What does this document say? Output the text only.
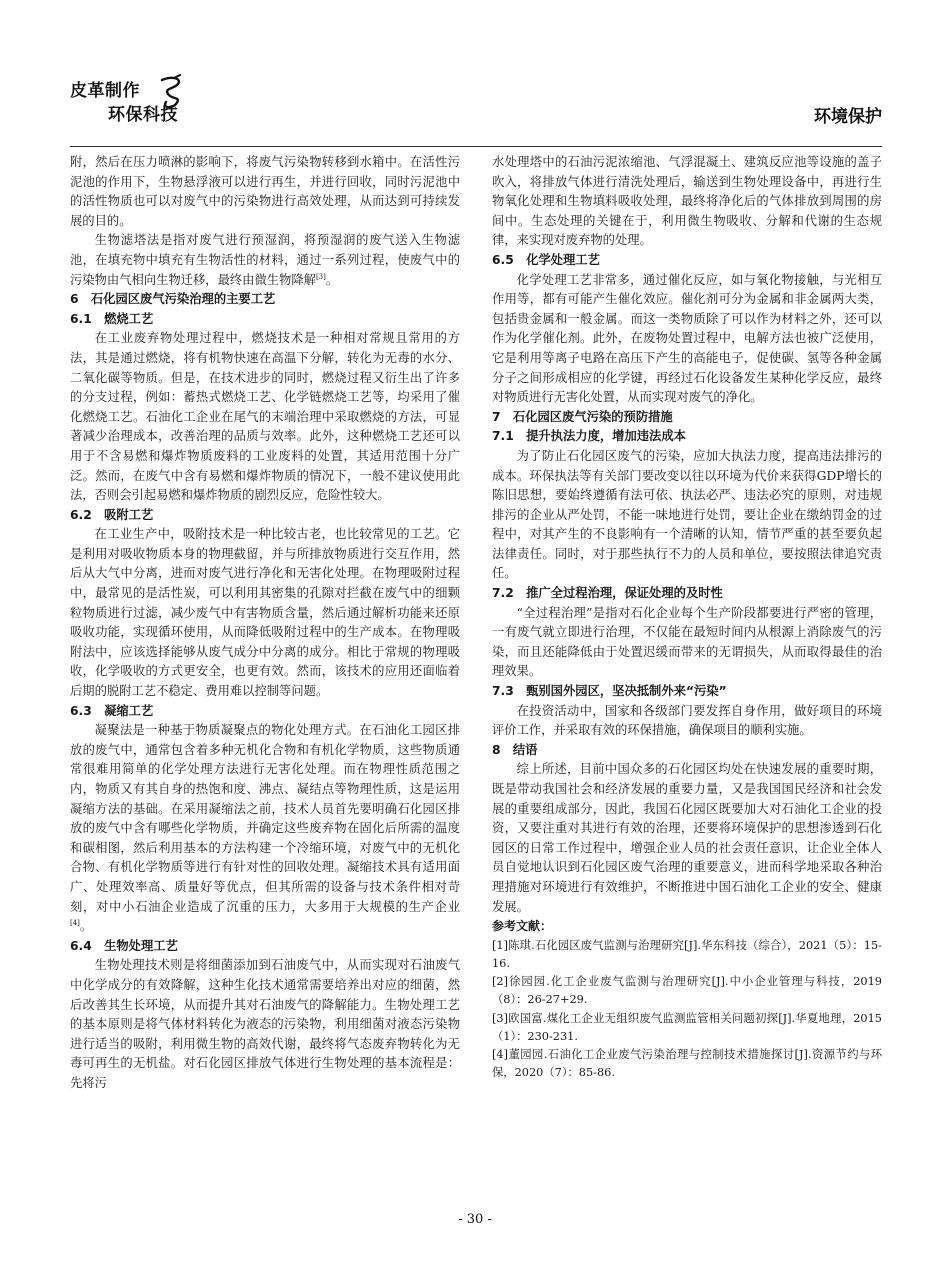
皮革制作
环保科技	环境保护

附，然后在压力喷淋的影响下，将废气污染物转移到水箱中。在活性污泥池的作用下，生物悬浮液可以进行再生，并进行回收，同时污泥池中的活性物质也可以对废气中的污染物进行高效处理，从而达到可持续发展的目的。

生物滤塔法是指对废气进行预湿润，将预湿润的废气送入生物滤池，在填充物中填充有生物活性的材料，通过一系列过程，使废气中的污染物由气相向生物迁移，最终由微生物降解[3]。

6　石化园区废气污染治理的主要工艺

6.1　燃烧工艺

在工业废弃物处理过程中，燃烧技术是一种相对常规且常用的方法，其是通过燃烧，将有机物快速在高温下分解，转化为无毒的水分、二氧化碳等物质。但是，在技术进步的同时，燃烧过程又衍生出了许多的分支过程，例如：蓄热式燃烧工艺、化学链燃烧工艺等，均采用了催化燃烧工艺。石油化工企业在尾气的末端治理中采取燃烧的方法，可显著减少治理成本，改善治理的品质与效率。此外，这种燃烧工艺还可以用于不含易燃和爆炸物质废料的工业废料的处置，其适用范围十分广泛。然而，在废气中含有易燃和爆炸物质的情况下，一般不建议使用此法，否则会引起易燃和爆炸物质的剧烈反应，危险性较大。

6.2　吸附工艺

在工业生产中，吸附技术是一种比较古老，也比较常见的工艺。它是利用对吸收物质本身的物理截留，并与所排放物质进行交互作用，然后从大气中分离，进而对废气进行净化和无害化处理。在物理吸附过程中，最常见的是活性炭，可以利用其密集的孔隙对拦截在废气中的细颗粒物质进行过滤，减少废气中有害物质含量，然后通过解析功能来还原吸收功能，实现循环使用，从而降低吸附过程中的生产成本。在物理吸附法中，应该选择能够从废气成分中分离的成分。相比于常规的物理吸收，化学吸收的方式更安全，也更有效。然而，该技术的应用还面临着后期的脱附工艺不稳定、费用难以控制等问题。

6.3　凝缩工艺

凝聚法是一种基于物质凝聚点的物化处理方式。在石油化工园区排放的废气中，通常包含着多种无机化合物和有机化学物质，这些物质通常很难用简单的化学处理方法进行无害化处理。而在物理性质范围之内，物质又有其自身的热饱和度、沸点、凝结点等物理性质，这是运用凝缩方法的基础。在采用凝缩法之前，技术人员首先要明确石化园区排放的废气中含有哪些化学物质，并确定这些废弃物在固化后所需的温度和碳相图，然后利用基本的方法构建一个冷缩环境，对废气中的无机化合物、有机化学物质等进行有针对性的回收处理。凝缩技术具有适用面广、处理效率高、质量好等优点，但其所需的设备与技术条件相对苛刻，对中小石油企业造成了沉重的压力，大多用于大规模的生产企业[4]。

6.4　生物处理工艺

生物处理技术则是将细菌添加到石油废气中，从而实现对石油废气中化学成分的有效降解，这种生化技术通常需要培养出对应的细菌，然后改善其生长环境，从而提升其对石油废气的降解能力。生物处理工艺的基本原则是将气体材料转化为液态的污染物，利用细菌对液态污染物进行适当的吸附，利用微生物的高效代谢，最终将气态废弃物转化为无毒可再生的无机盐。对石化园区排放气体进行生物处理的基本流程是：先将污

水处理塔中的石油污泥浓缩池、气浮混凝土、建筑反应池等设施的盖子吹入，将排放气体进行清洗处理后，输送到生物处理设备中，再进行生物氧化处理和生物填料吸收处理，最终将净化后的气体排放到周围的房间中。生态处理的关键在于，利用微生物吸收、分解和代谢的生态规律，来实现对废弃物的处理。

6.5　化学处理工艺

化学处理工艺非常多，通过催化反应，如与氧化物接触，与光相互作用等，都有可能产生催化效应。催化剂可分为金属和非金属两大类，包括贵金属和一般金属。而这一类物质除了可以作为材料之外，还可以作为化学催化剂。此外，在废物处置过程中，电解方法也被广泛使用，它是利用等离子电路在高压下产生的高能电子，促使碳、氢等各种金属分子之间形成相应的化学键，再经过石化设备发生某种化学反应，最终对物质进行无害化处置，从而实现对废气的净化。

7　石化园区废气污染的预防措施

7.1　提升执法力度，增加违法成本

为了防止石化园区废气的污染，应加大执法力度，提高违法排污的成本。环保执法等有关部门要改变以往以环境为代价来获得GDP增长的陈旧思想，要始终遵循有法可依、执法必严、违法必究的原则，对违规排污的企业从严处罚，不能一味地进行处罚，要让企业在缴纳罚金的过程中，对其产生的不良影响有一个清晰的认知，情节严重的甚至要负起法律责任。同时，对于那些执行不力的人员和单位，要按照法律追究责任。

7.2　推广全过程治理，保证处理的及时性

“全过程治理”是指对石化企业每个生产阶段都要进行严密的管理，一有废气就立即进行治理，不仅能在最短时间内从根源上消除废气的污染，而且还能降低由于处置迟缓而带来的无谓损失，从而取得最佳的治理效果。

7.3　甄别国外园区，坚决抵制外来“污染”

在投资活动中，国家和各级部门要发挥自身作用，做好项目的环境评价工作，并采取有效的环保措施，确保项目的顺利实施。

8　结语

综上所述，目前中国众多的石化园区均处在快速发展的重要时期，既是带动我国社会和经济发展的重要力量，又是我国国民经济和社会发展的重要组成部分，因此，我国石化园区既要加大对石油化工企业的投资，又要注重对其进行有效的治理，还要将环境保护的思想渗透到石化园区的日常工作过程中，增强企业人员的社会责任意识，让企业全体人员自觉地认识到石化园区废气治理的重要意义，进而科学地采取各种治理措施对环境进行有效维护，不断推进中国石油化工企业的安全、健康发展。

参考文献：

[1]陈琪.石化园区废气监测与治理研究[J].华东科技（综合），2021（5）：15-16.

[2]徐园园.化工企业废气监测与治理研究[J].中小企业管理与科技，2019（8）：26-27+29.

[3]欧国富.煤化工企业无组织废气监测监管相关问题初探[J].华夏地理，2015（1）：230-231.

[4]董园园.石油化工企业废气污染治理与控制技术措施探讨[J].资源节约与环保，2020（7）：85-86.

- 30 -
